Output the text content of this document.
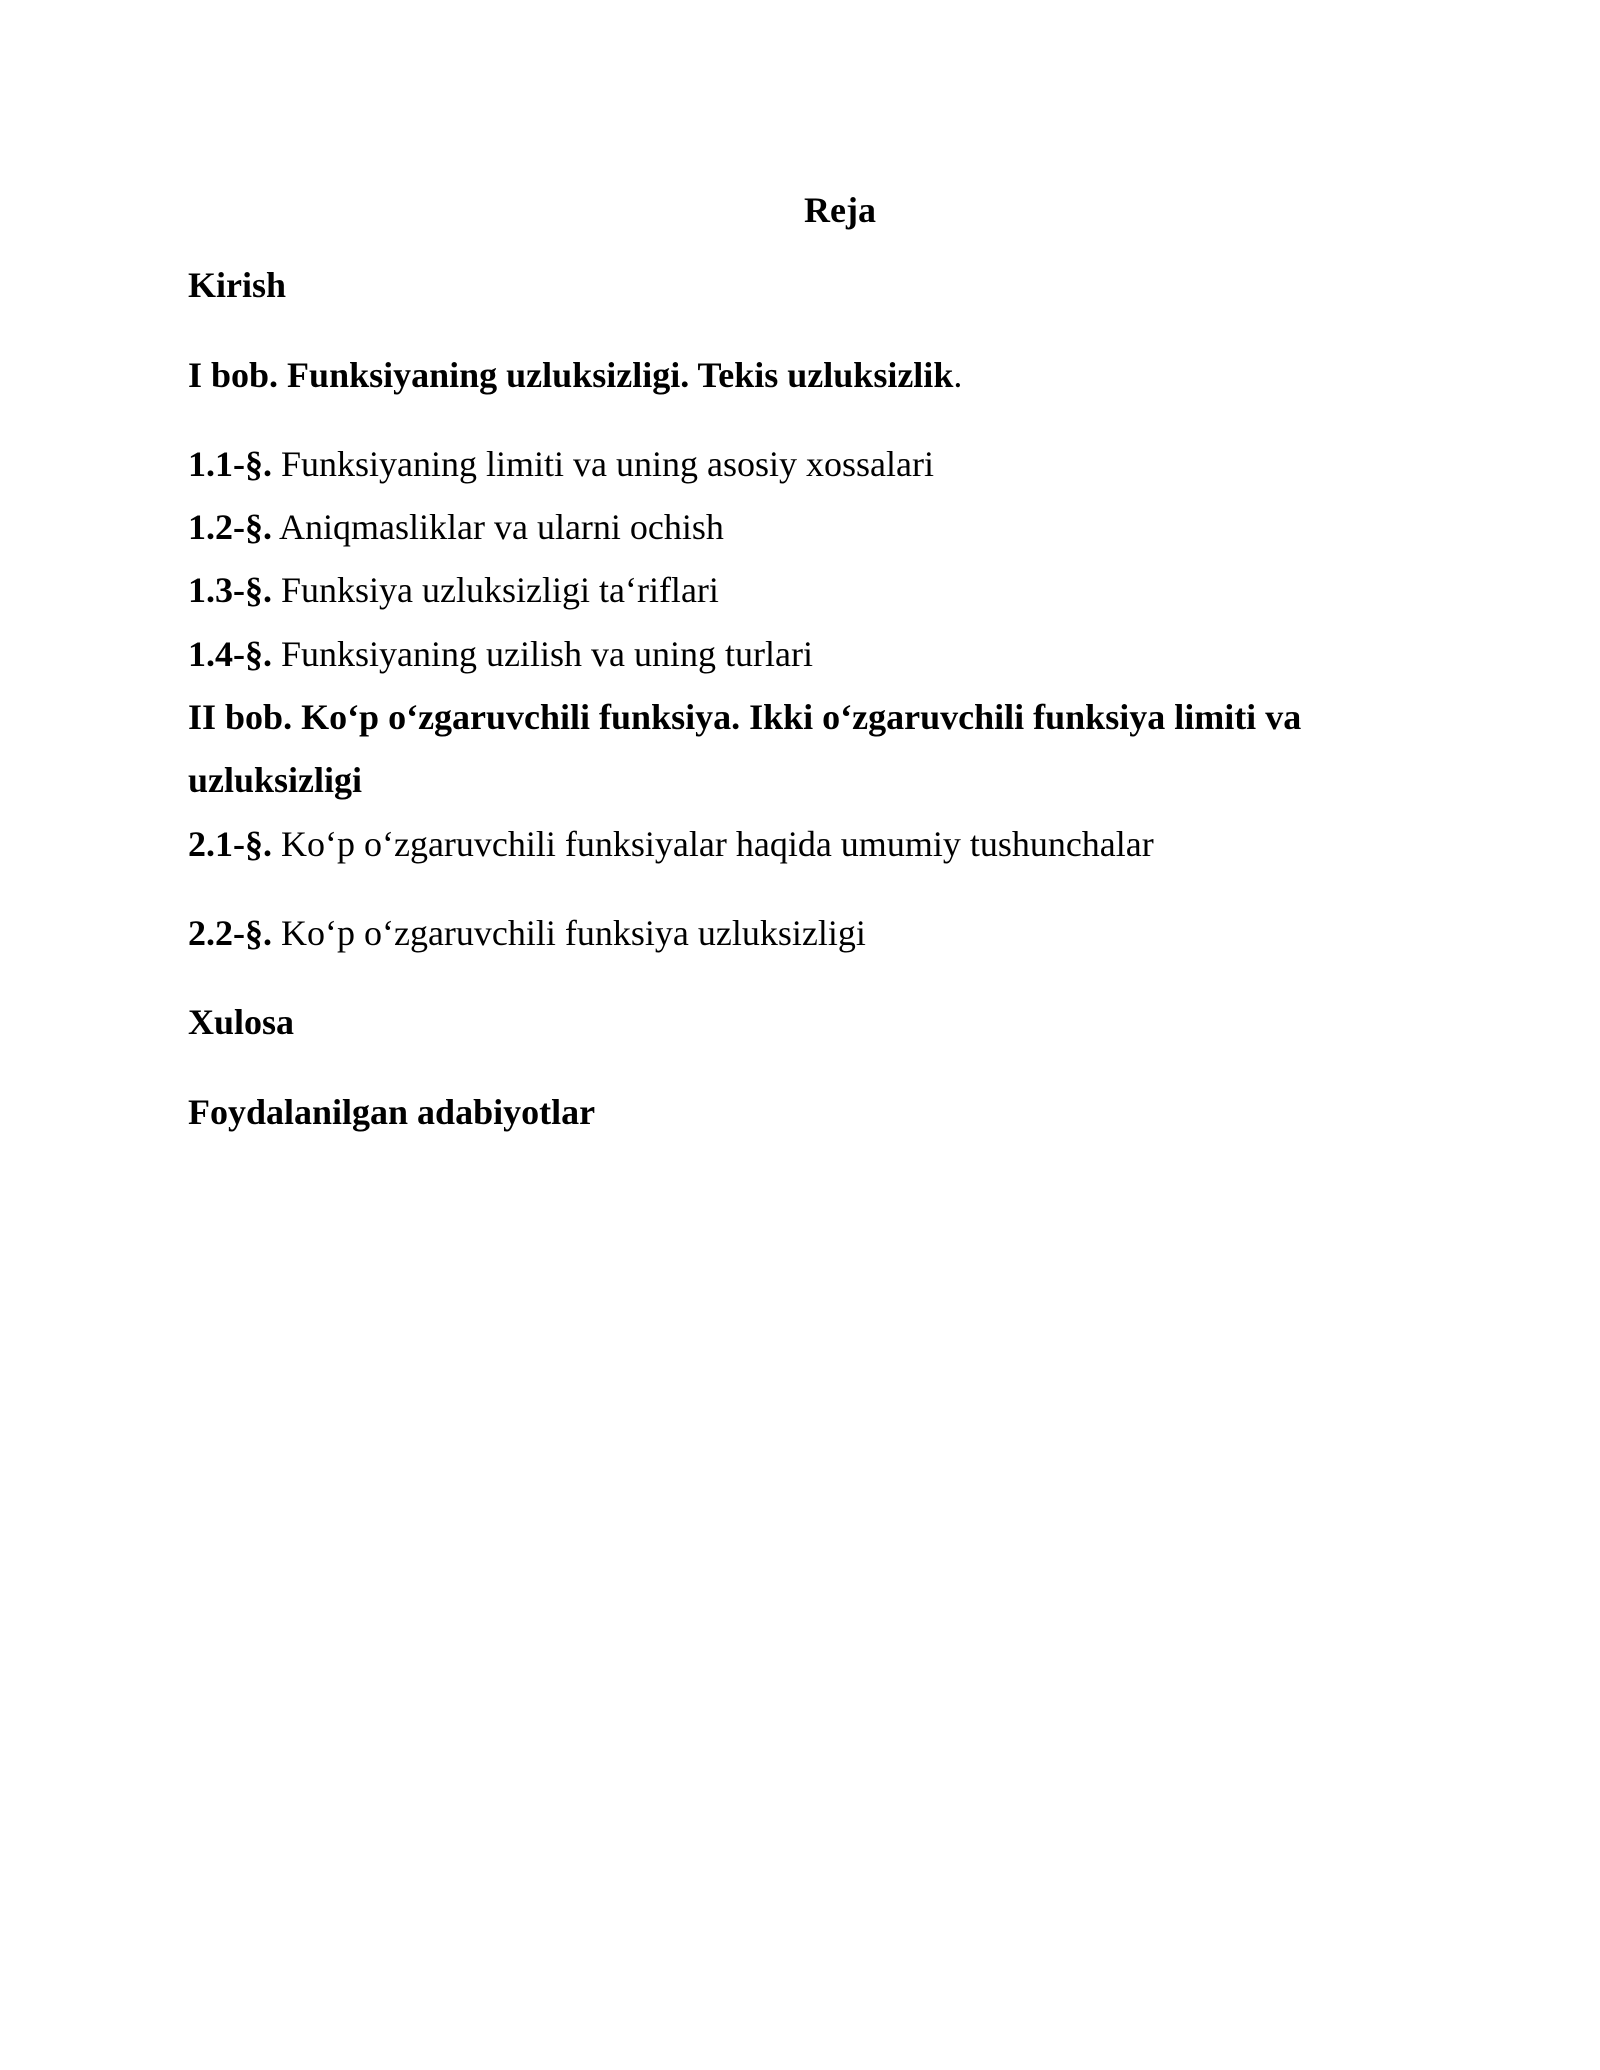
Reja
Kirish
I bob. Funksiyaning uzluksizligi. Tekis uzluksizlik.
1.1-§. Funksiyaning limiti va uning asosiy xossalari
1.2-§. Aniqmasliklar va ularni ochish
1.3-§. Funksiya uzluksizligi ta‘riflari
1.4-§. Funksiyaning uzilish va uning turlari
II bob. Ko‘p o‘zgaruvchili funksiya. Ikki o‘zgaruvchili funksiya limiti va
uzluksizligi
2.1-§. Ko‘p o‘zgaruvchili funksiyalar haqida umumiy tushunchalar
2.2-§. Ko‘p o‘zgaruvchili funksiya uzluksizligi
Xulosa
Foydalanilgan adabiyotlar
